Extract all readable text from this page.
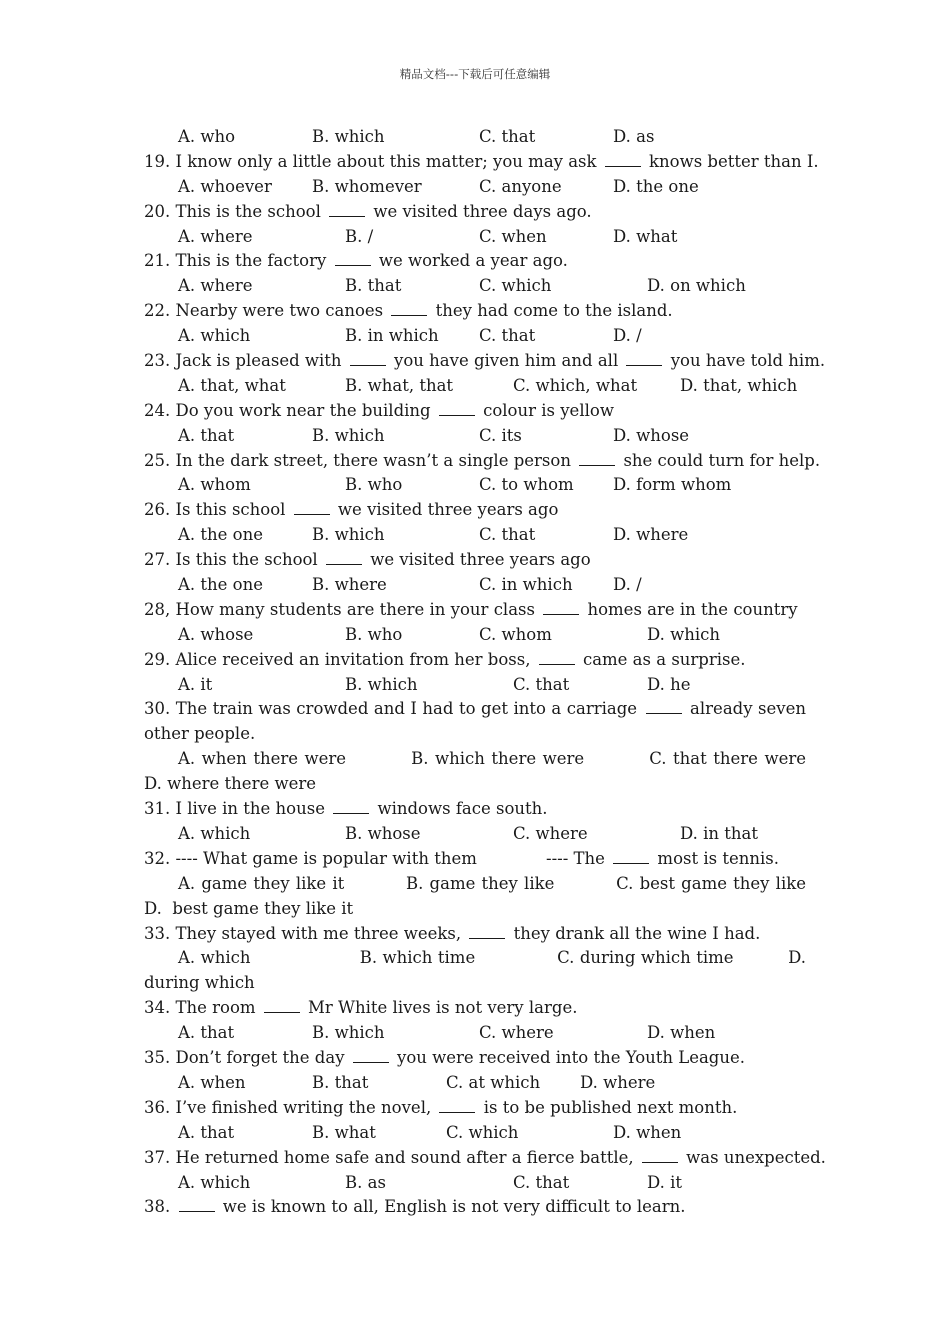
精品文档---下载后可任意编辑
A. who	B. which	C. that	D. as
19. I know only a little about this matter; you may ask	knows better than I.
A. whoever B. whomever	C. anyone	D. the one
20. This is the school	we visited three days ago.
A. where	B. /	C. when	D. what
21. This is the factory	we worked a year ago.
A. where	B. that	C. which	D. on which
22. Nearby were two canoes	they had come to the island.
A. which	B. in which C. that	D. /
23. Jack is pleased with	you have given him and all	you have told him.
A. that, what	B. what, that	C. which, what	D. that, which
24. Do you work near the building	colour is yellow
A. that	B. which	C. its	D. whose
25. In the dark street, there wasn’t a single person	she could turn for help.
A. whom	B. who	C. to whom D. form whom
26. Is this school	we visited three years ago
A. the one	B. which	C. that	D. where
27. Is this the school	we visited three years ago
A. the one	B. where	C. in which D. /
28, How many students are there in your class	homes are in the country
A. whose	B. who	C. whom	D. which
29. Alice received an invitation from her boss,	came as a surprise.
A. it	B. which	C. that	D. he
30. The train was crowded and I had to get into a carriage	already seven other people.
A. when there were          B. which there were          C. that there were          D. where there were
31. I live in the house	windows face south.
A. which	B. whose	C. where	D. in that
32. ---- What game is popular with them	---- The	most is tennis.
A. game they like it          B. game they like          C. best game they like          D.  best game they like it
33. They stayed with me three weeks,	they drank all the wine I had.
A. which                    B. which time               C. during which time          D.     during which
34. The room	Mr White lives is not very large.
A. that	B. which	C. where	D. when
35. Don’t forget the day	you were received into the Youth League.
A. when	B. that	C. at which D. where
36. I’ve finished writing the novel,	is to be published next month.
A. that	B. what	C. which	D. when
37. He returned home safe and sound after a fierce battle,	was unexpected.
A. which	B. as	C. that	D. it
38.	we is known to all, English is not very difficult to learn.
